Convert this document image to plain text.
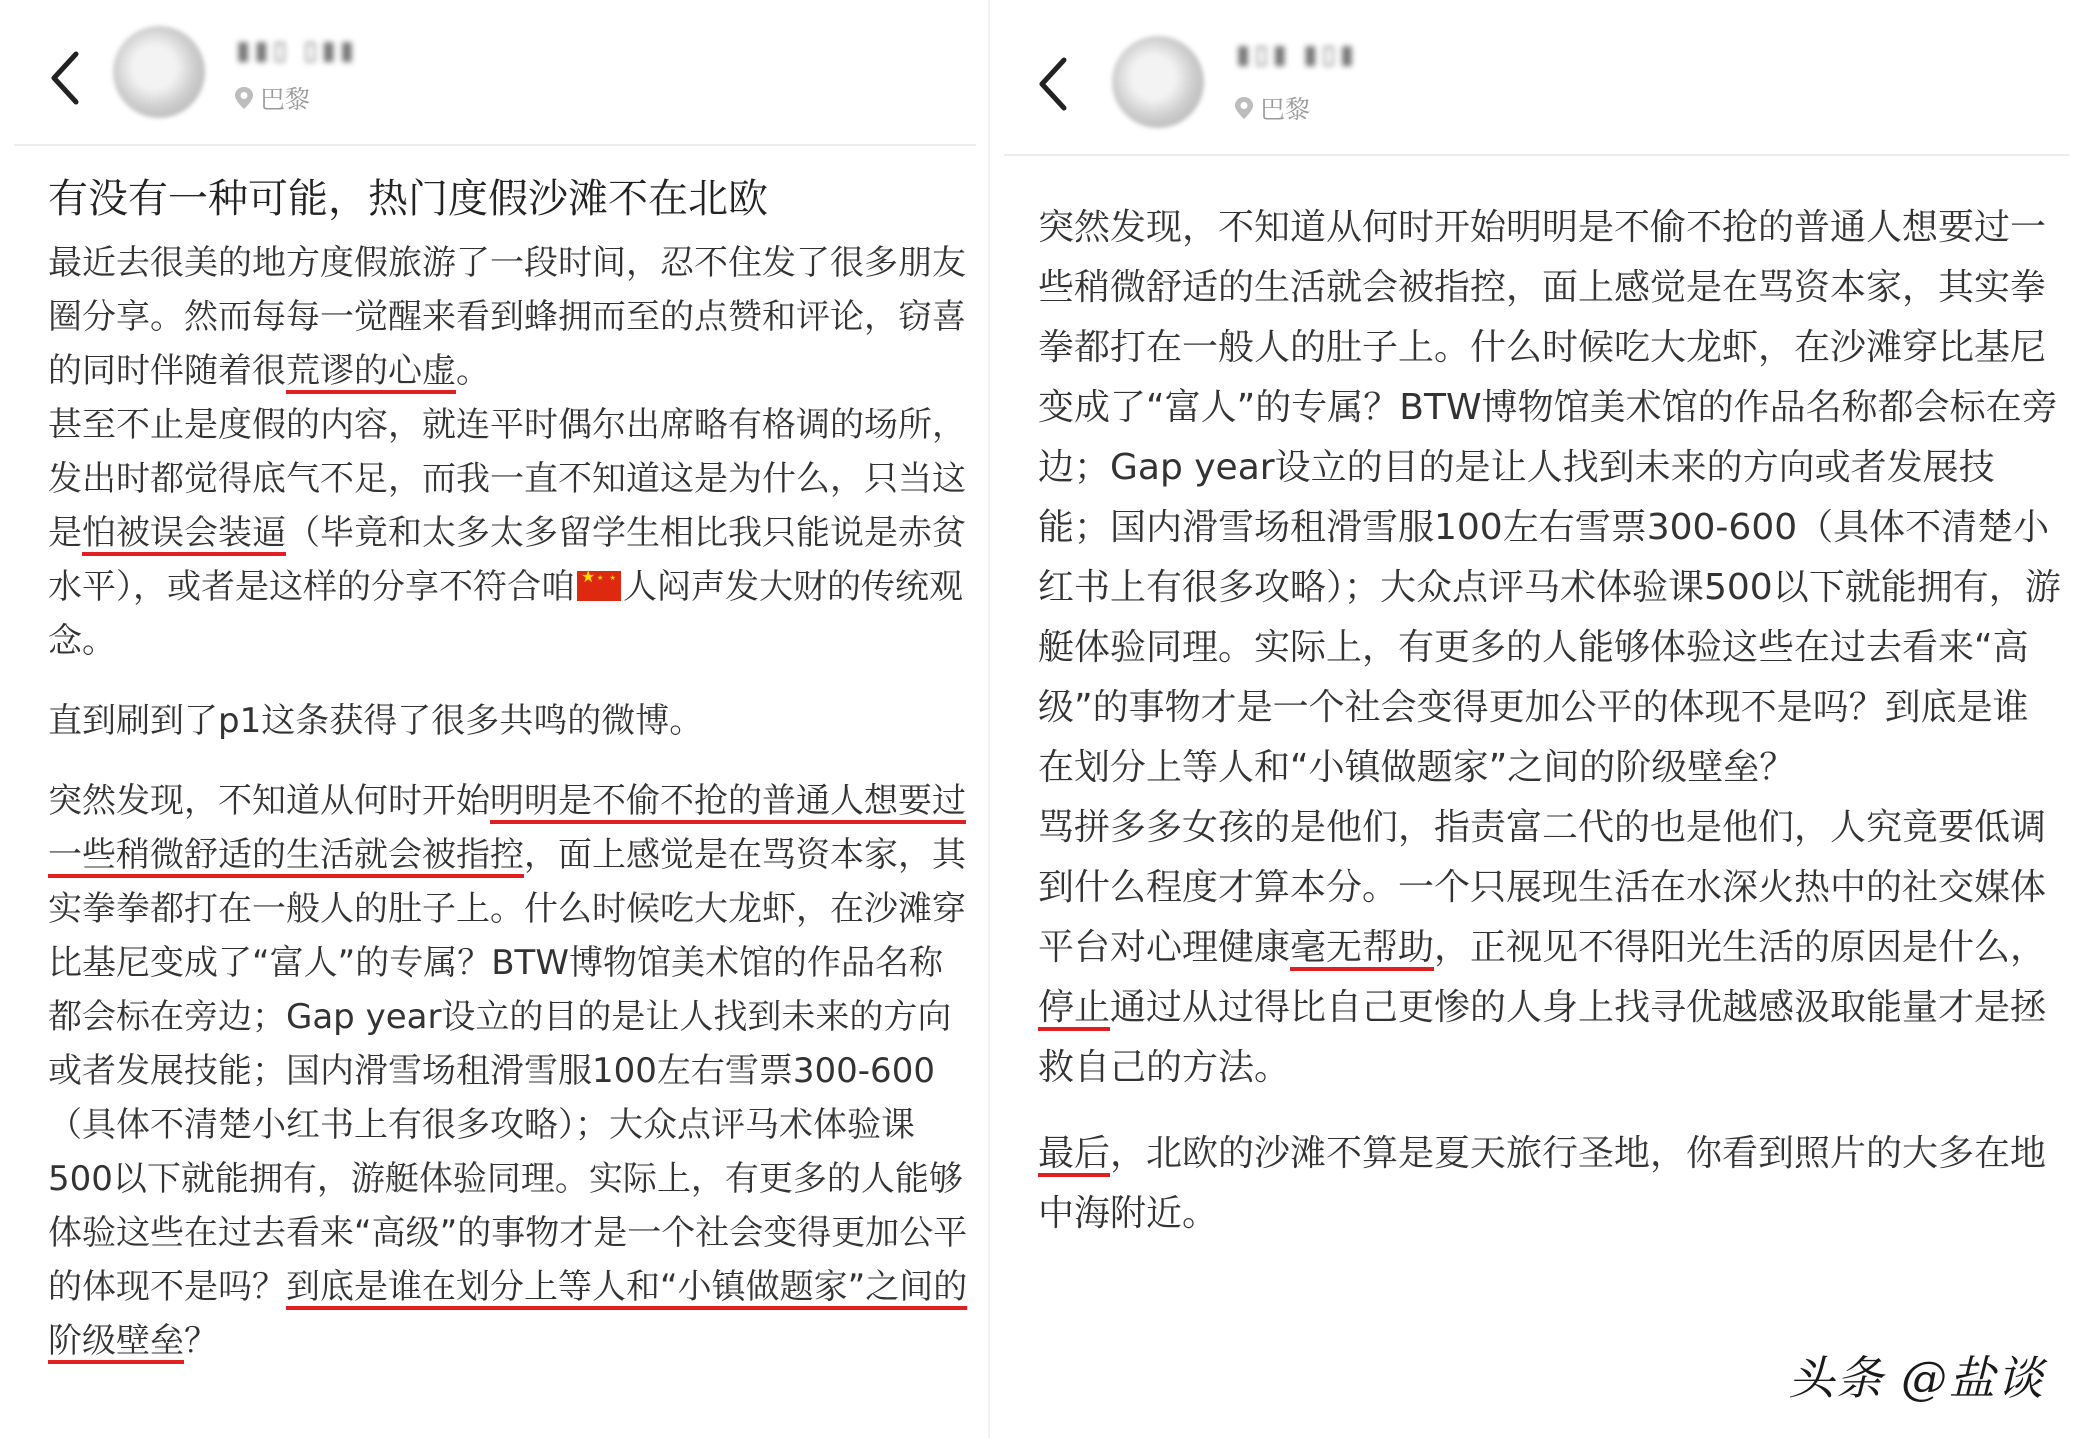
▮▮▯ ▯▮▮
巴黎
有没有一种可能，热门度假沙滩不在北欧

最近去很美的地方度假旅游了一段时间，忍不住发了很多朋友圈分享。然而每每一觉醒来看到蜂拥而至的点赞和评论，窃喜的同时伴随着很荒谬的心虚。

甚至不止是度假的内容，就连平时偶尔出席略有格调的场所，发出时都觉得底气不足，而我一直不知道这是为什么，只当这是怕被误会装逼（毕竟和太多太多留学生相比我只能说是赤贫水平），或者是这样的分享不符合咱★ ★ ★ 人闷声发大财的传统观念。

直到刷到了p1这条获得了很多共鸣的微博。

突然发现，不知道从何时开始明明是不偷不抢的普通人想要过一些稍微舒适的生活就会被指控，面上感觉是在骂资本家，其实拳拳都打在一般人的肚子上。什么时候吃大龙虾，在沙滩穿比基尼变成了“富人”的专属？BTW博物馆美术馆的作品名称都会标在旁边；Gap year设立的目的是让人找到未来的方向或者发展技能；国内滑雪场租滑雪服100左右雪票300-600（具体不清楚小红书上有很多攻略）；大众点评马术体验课500以下就能拥有，游艇体验同理。实际上，有更多的人能够体验这些在过去看来“高级”的事物才是一个社会变得更加公平的体现不是吗？到底是谁在划分上等人和“小镇做题家”之间的阶级壁垒？

▮▯▮ ▮▯▮
巴黎

突然发现，不知道从何时开始明明是不偷不抢的普通人想要过一些稍微舒适的生活就会被指控，面上感觉是在骂资本家，其实拳拳都打在一般人的肚子上。什么时候吃大龙虾，在沙滩穿比基尼变成了“富人”的专属？BTW博物馆美术馆的作品名称都会标在旁边；Gap year设立的目的是让人找到未来的方向或者发展技能；国内滑雪场租滑雪服100左右雪票300-600（具体不清楚小红书上有很多攻略）；大众点评马术体验课500以下就能拥有，游艇体验同理。实际上，有更多的人能够体验这些在过去看来“高级”的事物才是一个社会变得更加公平的体现不是吗？到底是谁在划分上等人和“小镇做题家”之间的阶级壁垒？

骂拼多多女孩的是他们，指责富二代的也是他们，人究竟要低调到什么程度才算本分。一个只展现生活在水深火热中的社交媒体平台对心理健康毫无帮助，正视见不得阳光生活的原因是什么，停止通过从过得比自己更惨的人身上找寻优越感汲取能量才是拯救自己的方法。

最后，北欧的沙滩不算是夏天旅行圣地，你看到照片的大多在地中海附近。

头条 @盐谈
